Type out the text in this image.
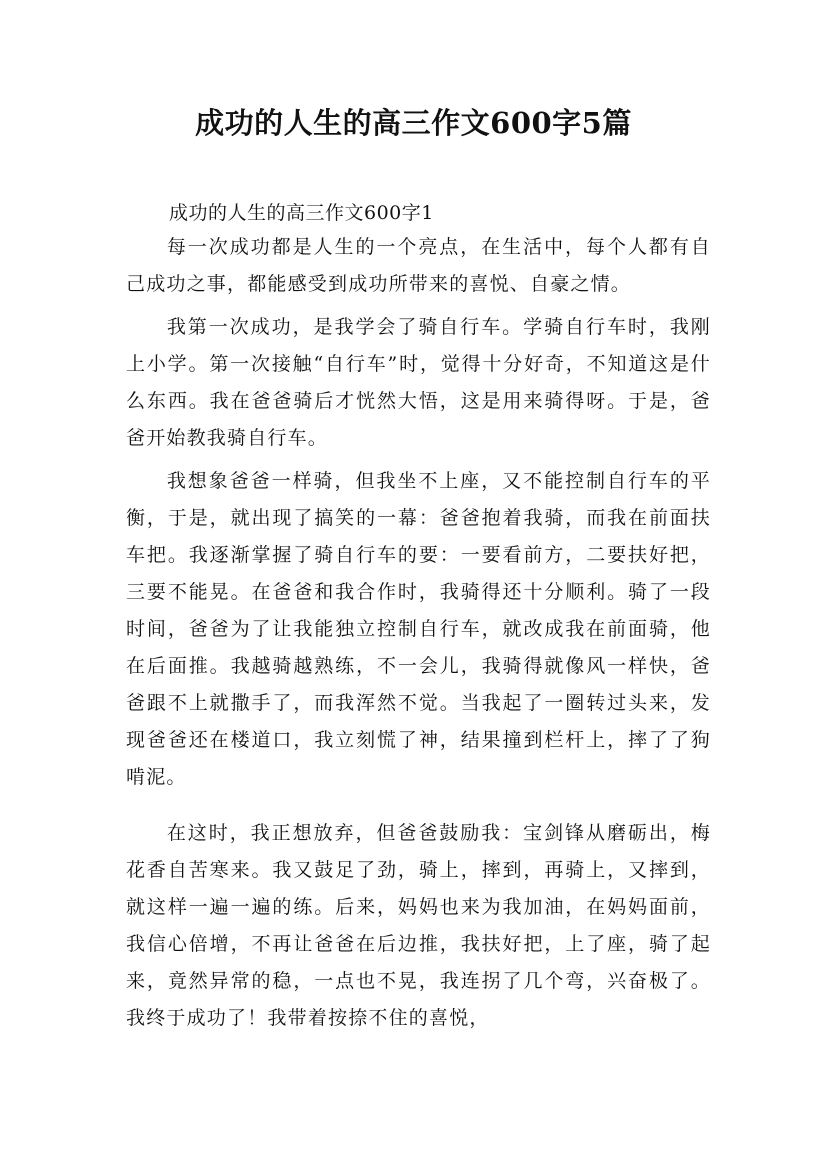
成功的人生的高三作文600字5篇
成功的人生的高三作文600字1

每一次成功都是人生的一个亮点，在生活中，每个人都有自己成功之事，都能感受到成功所带来的喜悦、自豪之情。

我第一次成功，是我学会了骑自行车。学骑自行车时，我刚上小学。第一次接触“自行车”时，觉得十分好奇，不知道这是什么东西。我在爸爸骑后才恍然大悟，这是用来骑得呀。于是，爸爸开始教我骑自行车。

我想象爸爸一样骑，但我坐不上座，又不能控制自行车的平衡，于是，就出现了搞笑的一幕：爸爸抱着我骑，而我在前面扶车把。我逐渐掌握了骑自行车的要：一要看前方，二要扶好把，三要不能晃。在爸爸和我合作时，我骑得还十分顺利。骑了一段时间，爸爸为了让我能独立控制自行车，就改成我在前面骑，他在后面推。我越骑越熟练，不一会儿，我骑得就像风一样快，爸爸跟不上就撒手了，而我浑然不觉。当我起了一圈转过头来，发现爸爸还在楼道口，我立刻慌了神，结果撞到栏杆上，摔了了狗啃泥。

在这时，我正想放弃，但爸爸鼓励我：宝剑锋从磨砺出，梅花香自苦寒来。我又鼓足了劲，骑上，摔到，再骑上，又摔到，就这样一遍一遍的练。后来，妈妈也来为我加油，在妈妈面前，我信心倍增，不再让爸爸在后边推，我扶好把，上了座，骑了起来，竟然异常的稳，一点也不晃，我连拐了几个弯，兴奋极了。我终于成功了！我带着按捺不住的喜悦，
